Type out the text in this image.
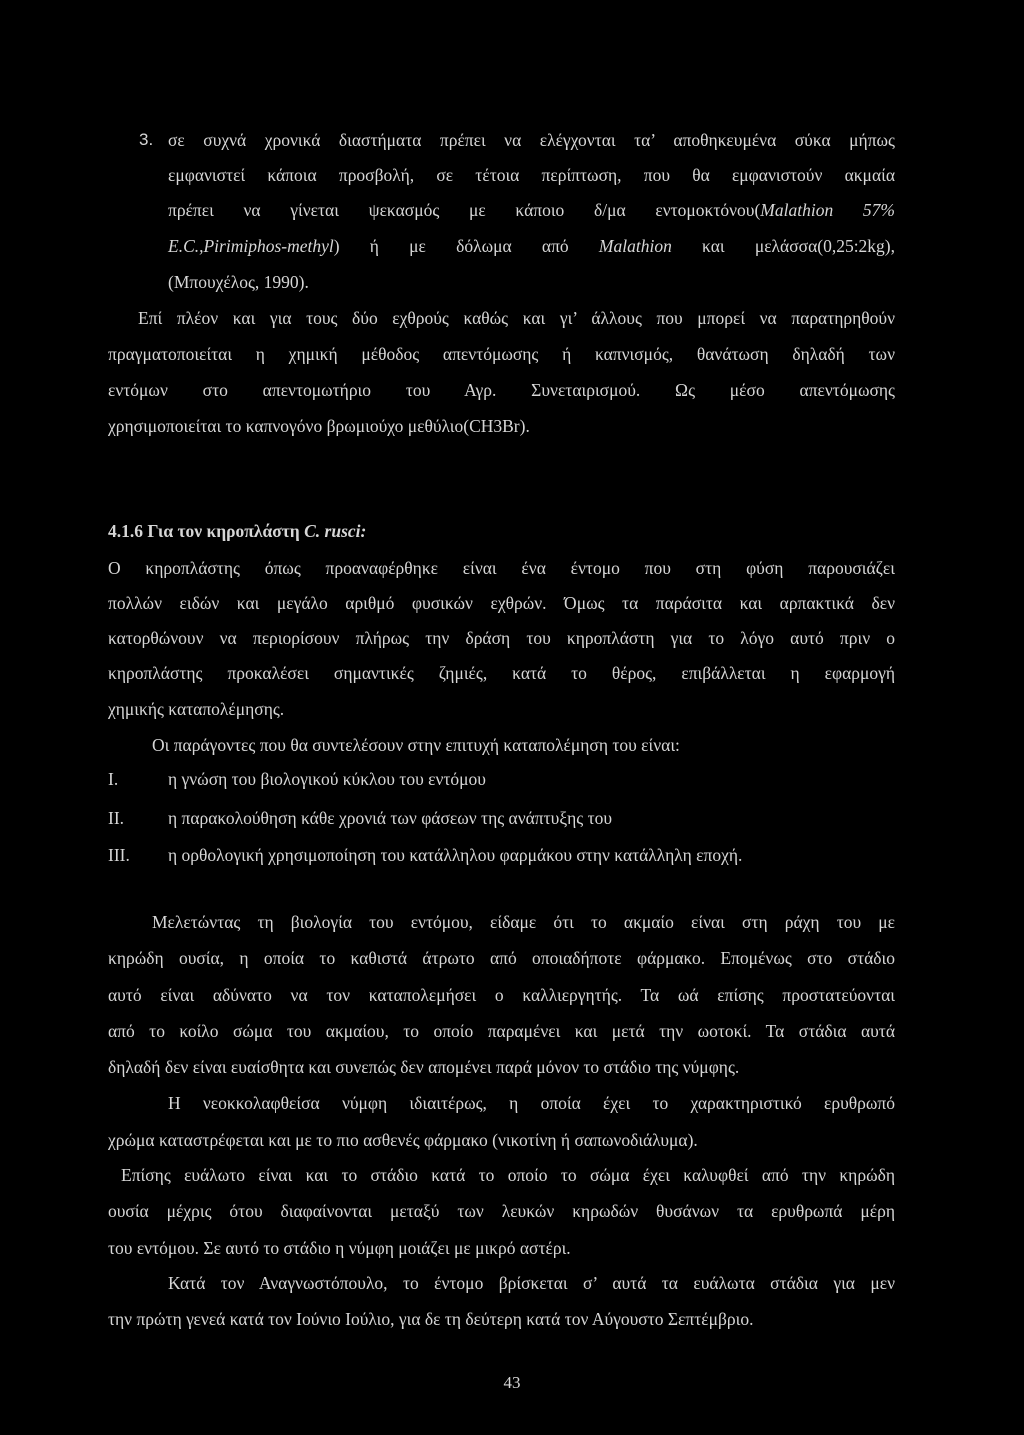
3. σε συχνά χρονικά διαστήματα πρέπει να ελέγχονται τα’ αποθηκευμένα σύκα μήπως

εμφανιστεί κάποια προσβολή, σε τέτοια περίπτωση, που θα εμφανιστούν ακμαία

πρέπει να γίνεται ψεκασμός με κάποιο δ/μα εντομοκτόνου(Malathion 57%

E.C.,Pirimiphos-methyl) ή με δόλωμα από Malathion και μελάσσα(0,25:2kg),

(Μπουχέλος, 1990).

Επί πλέον και για τους δύο εχθρούς καθώς και γι’ άλλους που μπορεί να παρατηρηθούν

πραγματοποιείται η χημική μέθοδος απεντόμωσης ή καπνισμός, θανάτωση δηλαδή των

εντόμων στο απεντομωτήριο του Αγρ. Συνεταιρισμού. Ως μέσο απεντόμωσης

χρησιμοποιείται το καπνογόνο βρωμιούχο μεθύλιο(CH3Br).

4.1.6 Για τον κηροπλάστη C. rusci:

Ο κηροπλάστης όπως προαναφέρθηκε είναι ένα έντομο που στη φύση παρουσιάζει

πολλών ειδών και μεγάλο αριθμό φυσικών εχθρών. Όμως τα παράσιτα και αρπακτικά δεν

κατορθώνουν να περιορίσουν πλήρως την δράση του κηροπλάστη για το λόγο αυτό πριν ο

κηροπλάστης προκαλέσει σημαντικές ζημιές, κατά το θέρος, επιβάλλεται η εφαρμογή

χημικής καταπολέμησης.

Οι παράγοντες που θα συντελέσουν στην επιτυχή καταπολέμηση του είναι:

I.	η γνώση του βιολογικού κύκλου του εντόμου

II.	η παρακολούθηση κάθε χρονιά των φάσεων της ανάπτυξης του

III.	η ορθολογική χρησιμοποίηση του κατάλληλου φαρμάκου στην κατάλληλη εποχή.

Μελετώντας τη βιολογία του εντόμου, είδαμε ότι το ακμαίο είναι στη ράχη του με

κηρώδη ουσία, η οποία το καθιστά άτρωτο από οποιαδήποτε φάρμακο. Επομένως στο στάδιο

αυτό είναι αδύνατο να τον καταπολεμήσει ο καλλιεργητής. Τα ωά επίσης προστατεύονται

από το κοίλο σώμα του ακμαίου, το οποίο παραμένει και μετά την ωοτοκί. Τα στάδια αυτά

δηλαδή δεν είναι ευαίσθητα και συνεπώς δεν απομένει παρά μόνον το στάδιο της νύμφης.

Η νεοκκολαφθείσα νύμφη ιδιαιτέρως, η οποία έχει το χαρακτηριστικό ερυθρωπό

χρώμα καταστρέφεται και με το πιο ασθενές φάρμακο (νικοτίνη ή σαπωνοδιάλυμα).

Επίσης ευάλωτο είναι και το στάδιο κατά το οποίο το σώμα έχει καλυφθεί από την κηρώδη

ουσία μέχρις ότου διαφαίνονται μεταξύ των λευκών κηρωδών θυσάνων τα ερυθρωπά μέρη

του εντόμου. Σε αυτό το στάδιο η νύμφη μοιάζει με μικρό αστέρι.

Κατά τον Αναγνωστόπουλο, το έντομο βρίσκεται σ’ αυτά τα ευάλωτα στάδια για μεν

την πρώτη γενεά κατά τον Ιούνιο Ιούλιο, για δε τη δεύτερη κατά τον Αύγουστο Σεπτέμβριο.

43
